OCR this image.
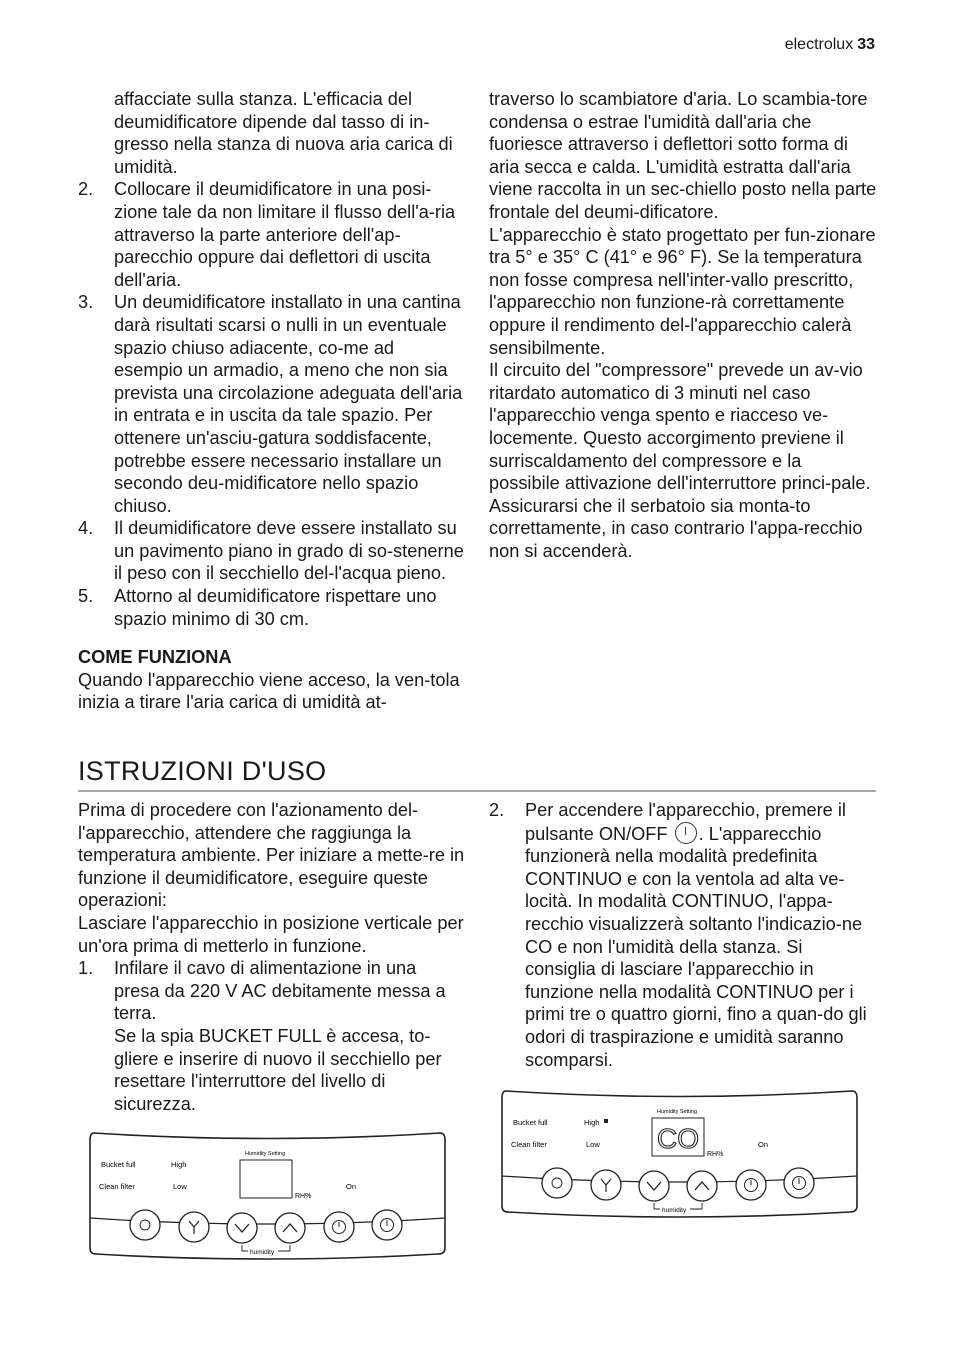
electrolux 33

affacciate sulla stanza. L'efficacia del deumidificatore dipende dal tasso di in-gresso nella stanza di nuova aria carica di umidità.

2. Collocare il deumidificatore in una posi-zione tale da non limitare il flusso dell'a-ria attraverso la parte anteriore dell'ap-parecchio oppure dai deflettori di uscita dell'aria.

3. Un deumidificatore installato in una cantina darà risultati scarsi o nulli in un eventuale spazio chiuso adiacente, co-me ad esempio un armadio, a meno che non sia prevista una circolazione adeguata dell'aria in entrata e in uscita da tale spazio. Per ottenere un'asciu-gatura soddisfacente, potrebbe essere necessario installare un secondo deu-midificatore nello spazio chiuso.

4. Il deumidificatore deve essere installato su un pavimento piano in grado di so-stenerne il peso con il secchiello del-l'acqua pieno.

5. Attorno al deumidificatore rispettare uno spazio minimo di 30 cm.

COME FUNZIONA

Quando l'apparecchio viene acceso, la ven-tola inizia a tirare l'aria carica di umidità at-

traverso lo scambiatore d'aria. Lo scambia-tore condensa o estrae l'umidità dall'aria che fuoriesce attraverso i deflettori sotto forma di aria secca e calda. L'umidità estratta dall'aria viene raccolta in un sec-chiello posto nella parte frontale del deumi-dificatore.

L'apparecchio è stato progettato per fun-zionare tra 5° e 35° C (41° e 96° F). Se la temperatura non fosse compresa nell'inter-vallo prescritto, l'apparecchio non funzione-rà correttamente oppure il rendimento del-l'apparecchio calerà sensibilmente.

Il circuito del "compressore" prevede un av-vio ritardato automatico di 3 minuti nel caso l'apparecchio venga spento e riacceso ve-locemente. Questo accorgimento previene il surriscaldamento del compressore e la possibile attivazione dell'interruttore princi-pale. Assicurarsi che il serbatoio sia monta-to correttamente, in caso contrario l'appa-recchio non si accenderà.

ISTRUZIONI D'USO

Prima di procedere con l'azionamento del-l'apparecchio, attendere che raggiunga la temperatura ambiente. Per iniziare a mette-re in funzione il deumidificatore, eseguire queste operazioni:

Lasciare l'apparecchio in posizione verticale per un'ora prima di metterlo in funzione.

1. Infilare il cavo di alimentazione in una presa da 220 V AC debitamente messa a terra.

Se la spia BUCKET FULL è accesa, to-gliere e inserire di nuovo il secchiello per resettare l'interruttore del livello di sicurezza.

2. Per accendere l'apparecchio, premere il pulsante ON/OFF . L'apparecchio funzionerà nella modalità predefinita CONTINUO e con la ventola ad alta ve-locità. In modalità CONTINUO, l'appa-recchio visualizzerà soltanto l'indicazio-ne CO e non l'umidità della stanza. Si consiglia di lasciare l'apparecchio in funzione nella modalità CONTINUO per i primi tre o quattro giorni, fino a quan-do gli odori di traspirazione e umidità saranno scomparsi.

Bucket full
Clean filter
High
Low
Humidity Setting
RH%
On
humidity
Bucket full
Clean filter
High
Low
Humidity Setting
CO
RH%
On
humidity
